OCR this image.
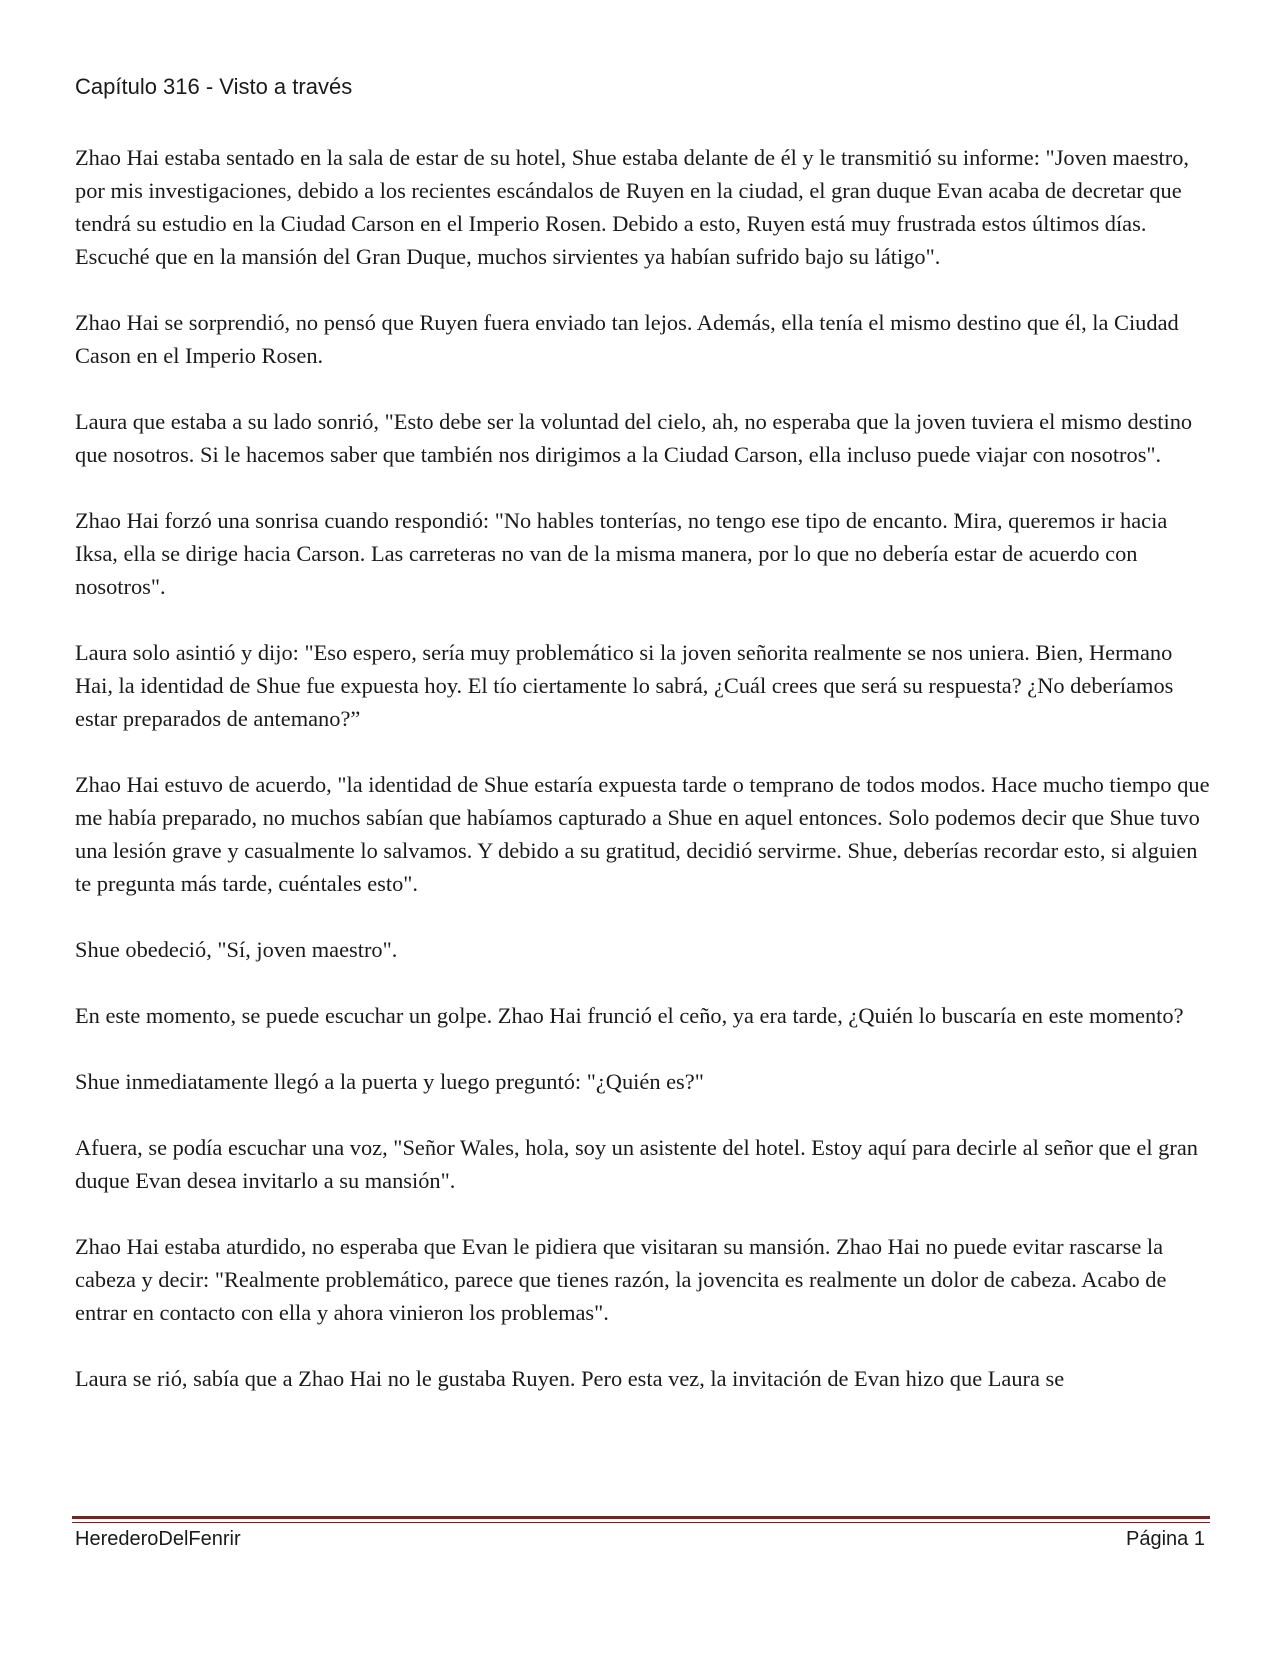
Capítulo 316 - Visto a través

Zhao Hai estaba sentado en la sala de estar de su hotel, Shue estaba delante de él y le transmitió su informe: "Joven maestro, por mis investigaciones, debido a los recientes escándalos de Ruyen en la ciudad, el gran duque Evan acaba de decretar que tendrá su estudio en la Ciudad Carson en el Imperio Rosen. Debido a esto, Ruyen está muy frustrada estos últimos días. Escuché que en la mansión del Gran Duque, muchos sirvientes ya habían sufrido bajo su látigo".

Zhao Hai se sorprendió, no pensó que Ruyen fuera enviado tan lejos. Además, ella tenía el mismo destino que él, la Ciudad Cason en el Imperio Rosen.

Laura que estaba a su lado sonrió, "Esto debe ser la voluntad del cielo, ah, no esperaba que la joven tuviera el mismo destino que nosotros. Si le hacemos saber que también nos dirigimos a la Ciudad Carson, ella incluso puede viajar con nosotros".

Zhao Hai forzó una sonrisa cuando respondió: "No hables tonterías, no tengo ese tipo de encanto. Mira, queremos ir hacia Iksa, ella se dirige hacia Carson. Las carreteras no van de la misma manera, por lo que no debería estar de acuerdo con nosotros".

Laura solo asintió y dijo: "Eso espero, sería muy problemático si la joven señorita realmente se nos uniera. Bien, Hermano Hai, la identidad de Shue fue expuesta hoy. El tío ciertamente lo sabrá, ¿Cuál crees que será su respuesta? ¿No deberíamos estar preparados de antemano?”

Zhao Hai estuvo de acuerdo, "la identidad de Shue estaría expuesta tarde o temprano de todos modos. Hace mucho tiempo que me había preparado, no muchos sabían que habíamos capturado a Shue en aquel entonces. Solo podemos decir que Shue tuvo una lesión grave y casualmente lo salvamos. Y debido a su gratitud, decidió servirme. Shue, deberías recordar esto, si alguien te pregunta más tarde, cuéntales esto".

Shue obedeció, "Sí, joven maestro".

En este momento, se puede escuchar un golpe. Zhao Hai frunció el ceño, ya era tarde, ¿Quién lo buscaría en este momento?

Shue inmediatamente llegó a la puerta y luego preguntó: "¿Quién es?"

Afuera, se podía escuchar una voz, "Señor Wales, hola, soy un asistente del hotel. Estoy aquí para decirle al señor que el gran duque Evan desea invitarlo a su mansión".

Zhao Hai estaba aturdido, no esperaba que Evan le pidiera que visitaran su mansión. Zhao Hai no puede evitar rascarse la cabeza y decir: "Realmente problemático, parece que tienes razón, la jovencita es realmente un dolor de cabeza. Acabo de entrar en contacto con ella y ahora vinieron los problemas".

Laura se rió, sabía que a Zhao Hai no le gustaba Ruyen. Pero esta vez, la invitación de Evan hizo que Laura se

HerederoDelFenrir	Página 1
